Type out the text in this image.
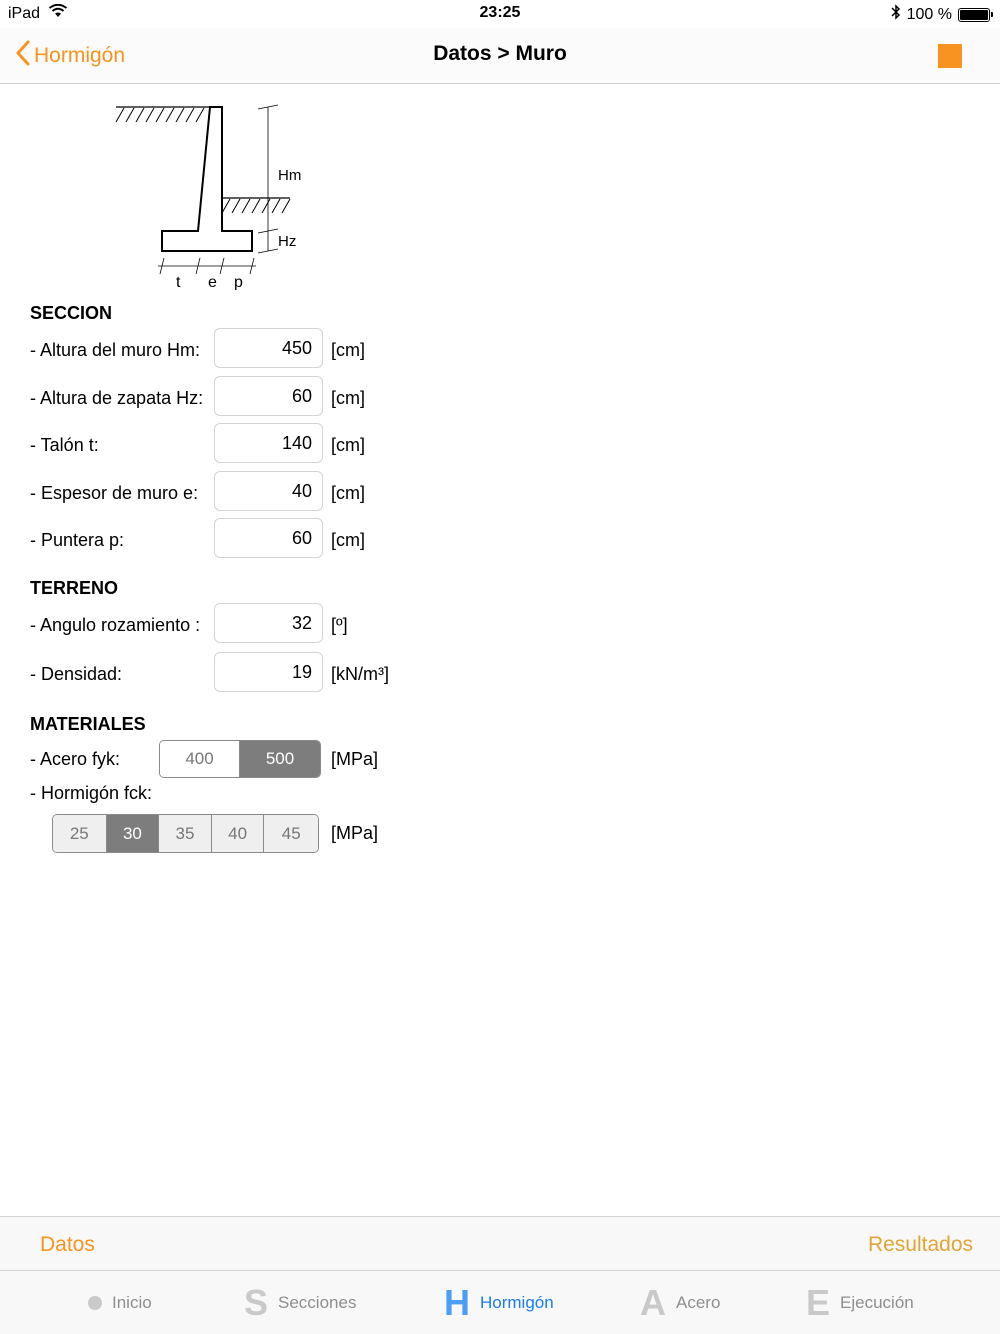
iPad	23:25	100 %
Hormigón	Datos > Muro
Hm
Hz
t e p
SECCION
- Altura del muro Hm:	450	[cm]
- Altura de zapata Hz:	60	[cm]
- Talón t:	140	[cm]
- Espesor de muro e:	40	[cm]
- Puntera p:	60	[cm]
TERRENO
- Angulo rozamiento :	32	[º]
- Densidad:	19	[kN/m³]
MATERIALES
- Acero fyk:	400	500	[MPa]
- Hormigón fck:
25	30	35	40	45	[MPa]
Datos	Resultados
Inicio	S Secciones H Hormigón A Acero E Ejecución
